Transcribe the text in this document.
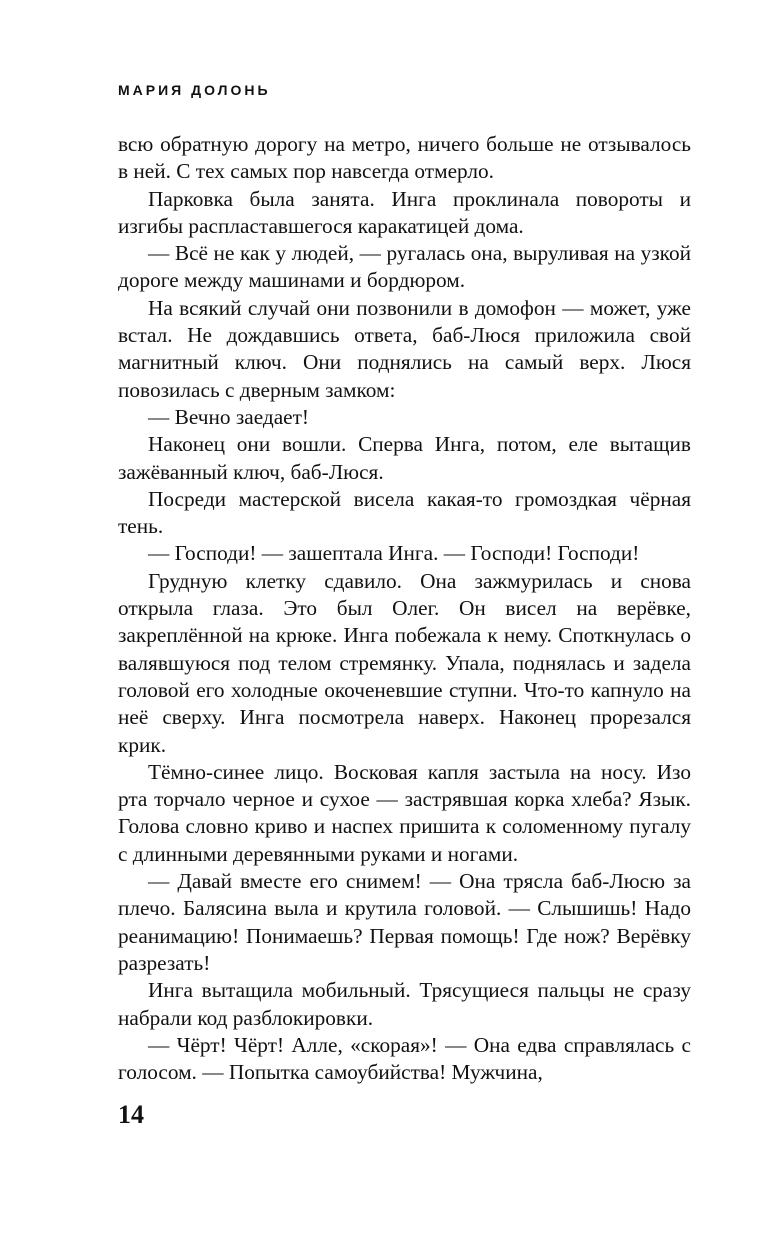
МАРИЯ ДОЛОНЬ

всю обратную дорогу на метро, ничего больше не отзывалось в ней. С тех самых пор навсегда отмерло.

Парковка была занята. Инга проклинала повороты и изгибы распластавшегося каракатицей дома.

— Всё не как у людей, — ругалась она, выруливая на узкой дороге между машинами и бордюром.

На всякий случай они позвонили в домофон — может, уже встал. Не дождавшись ответа, баб-Люся приложила свой магнитный ключ. Они поднялись на самый верх. Люся повозилась с дверным замком:

— Вечно заедает!

Наконец они вошли. Сперва Инга, потом, еле вытащив зажёванный ключ, баб-Люся.

Посреди мастерской висела какая-то громоздкая чёрная тень.

— Господи! — зашептала Инга. — Господи! Господи!

Грудную клетку сдавило. Она зажмурилась и снова открыла глаза. Это был Олег. Он висел на верёвке, закреплённой на крюке. Инга побежала к нему. Споткнулась о валявшуюся под телом стремянку. Упала, поднялась и задела головой его холодные окоченевшие ступни. Что-то капнуло на неё сверху. Инга посмотрела наверх. Наконец прорезался крик.

Тёмно-синее лицо. Восковая капля застыла на носу. Изо рта торчало черное и сухое — застрявшая корка хлеба? Язык. Голова словно криво и наспех пришита к соломенному пугалу с длинными деревянными руками и ногами.

— Давай вместе его снимем! — Она трясла баб-Люсю за плечо. Балясина выла и крутила головой. — Слышишь! Надо реанимацию! Понимаешь? Первая помощь! Где нож? Верёвку разрезать!

Инга вытащила мобильный. Трясущиеся пальцы не сразу набрали код разблокировки.

— Чёрт! Чёрт! Алле, «скорая»! — Она едва справлялась с голосом. — Попытка самоубийства! Мужчина,

14
